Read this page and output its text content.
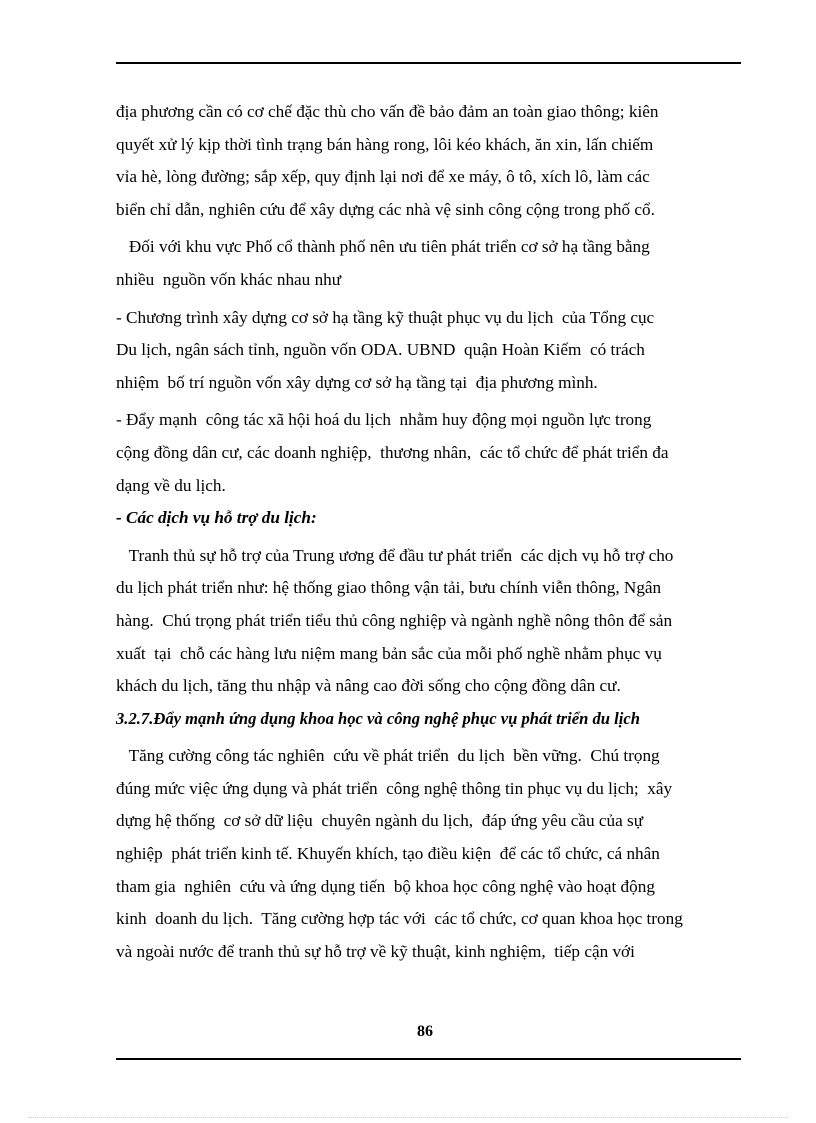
địa phương cần có cơ chế đặc thù cho vấn đề bảo đảm an toàn giao thông; kiên
quyết xử lý kịp thời tình trạng bán hàng rong, lôi kéo khách, ăn xin, lấn chiếm
vỉa hè, lòng đường; sắp xếp, quy định lại nơi để xe máy, ô tô, xích lô, làm các
biển chỉ dẫn, nghiên cứu để xây dựng các nhà vệ sinh công cộng trong phố cổ.
Đối với khu vực Phố cổ thành phố nên ưu tiên phát triển cơ sở hạ tầng bằng
nhiều  nguồn vốn khác nhau như
- Chương trình xây dựng cơ sở hạ tầng kỹ thuật phục vụ du lịch  của Tổng cục
Du lịch, ngân sách tỉnh, nguồn vốn ODA. UBND  quận Hoàn Kiếm  có trách
nhiệm  bố trí nguồn vốn xây dựng cơ sở hạ tầng tại  địa phương mình.
- Đẩy mạnh  công tác xã hội hoá du lịch  nhằm huy động mọi nguồn lực trong
cộng đồng dân cư, các doanh nghiệp,  thương nhân,  các tổ chức để phát triển đa
dạng về du lịch.
- Các dịch vụ hỗ trợ du lịch:
Tranh thủ sự hỗ trợ của Trung ương để đầu tư phát triển  các dịch vụ hỗ trợ cho
du lịch phát triển như: hệ thống giao thông vận tải, bưu chính viễn thông, Ngân
hàng.  Chú trọng phát triển tiểu thủ công nghiệp và ngành nghề nông thôn để sản
xuất  tại  chỗ các hàng lưu niệm mang bản sắc của mỗi phố nghề nhằm phục vụ
khách du lịch, tăng thu nhập và nâng cao đời sống cho cộng đồng dân cư.
3.2.7.Đẩy mạnh ứng dụng khoa học và công nghệ phục vụ phát triển du lịch
Tăng cường công tác nghiên  cứu về phát triển  du lịch  bền vững.  Chú trọng
đúng mức việc ứng dụng và phát triển  công nghệ thông tin phục vụ du lịch;  xây
dựng hệ thống  cơ sở dữ liệu  chuyên ngành du lịch,  đáp ứng yêu cầu của sự
nghiệp  phát triển kinh tế. Khuyến khích, tạo điều kiện  để các tổ chức, cá nhân
tham gia  nghiên  cứu và ứng dụng tiến  bộ khoa học công nghệ vào hoạt động
kinh  doanh du lịch.  Tăng cường hợp tác với  các tổ chức, cơ quan khoa học trong
và ngoài nước để tranh thủ sự hỗ trợ về kỹ thuật, kinh nghiệm,  tiếp cận với
86
